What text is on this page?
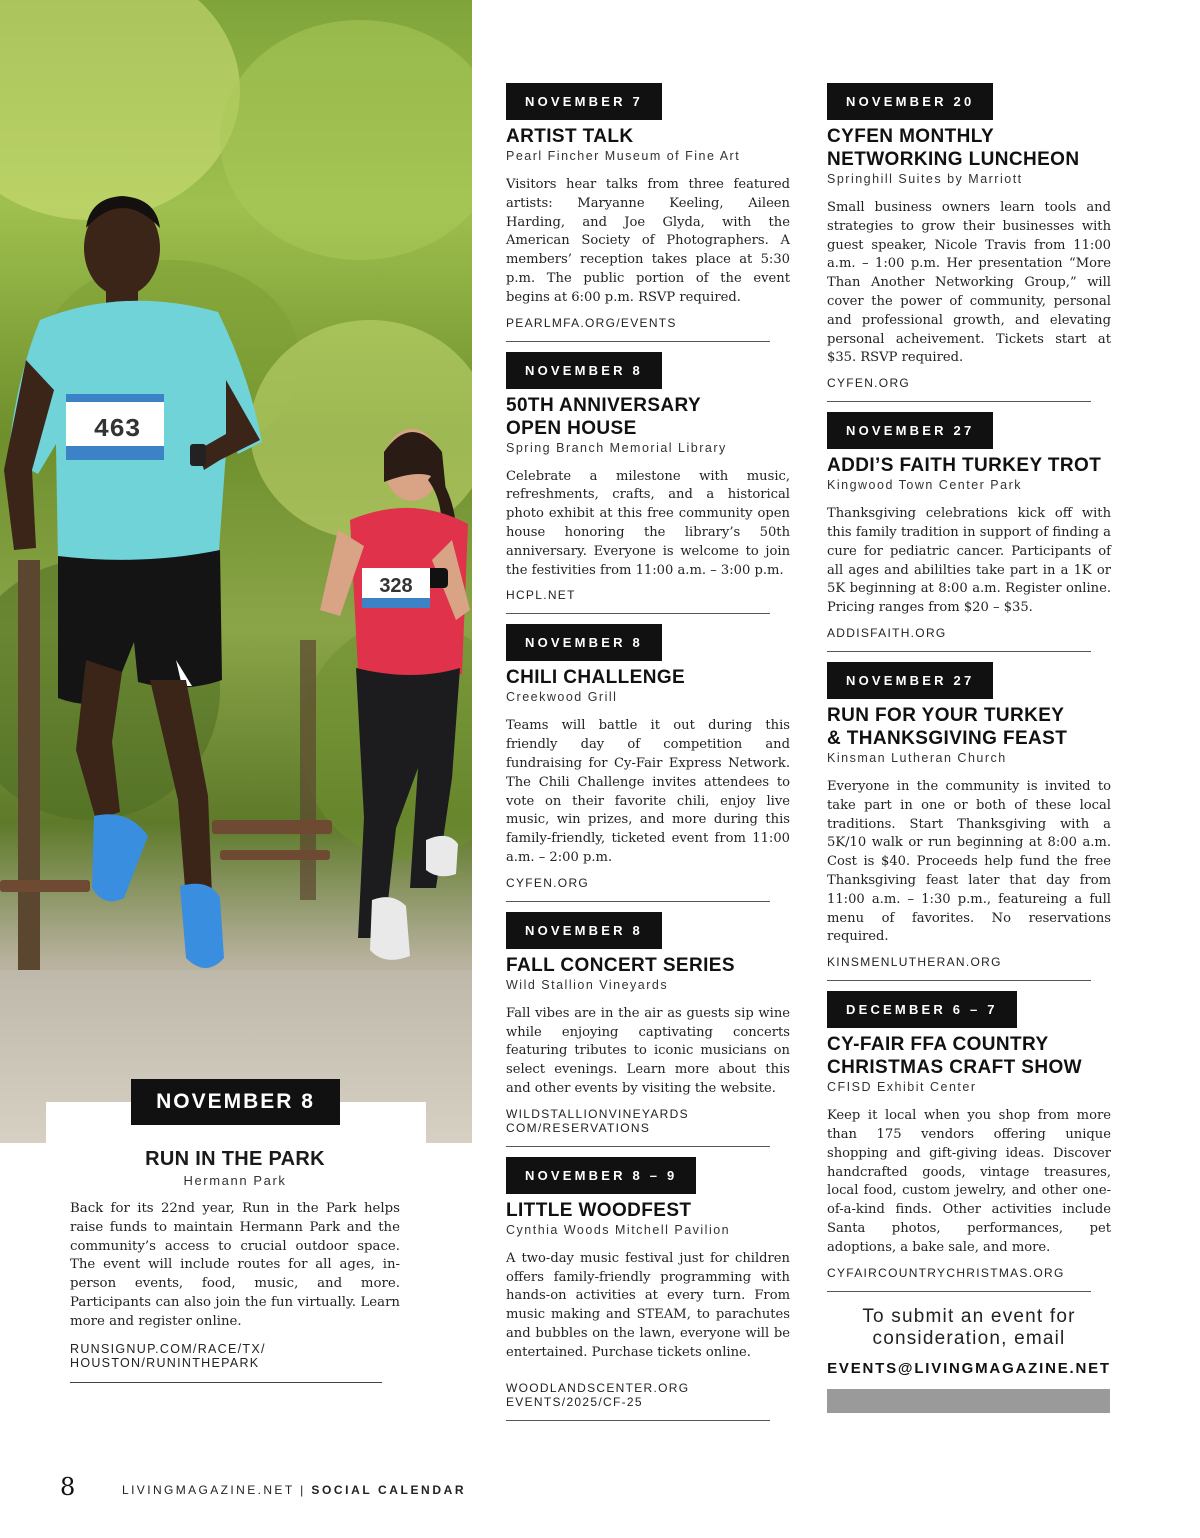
328
463
NOVEMBER 8
RUN IN THE PARK
Hermann Park
Back for its 22nd year, Run in the Park helps raise funds to maintain Hermann Park and the community’s access to crucial outdoor space. The event will include routes for all ages, in-person events, food, music, and more. Participants can also join the fun virtually. Learn more and register online.
RUNSIGNUP.COM/RACE/TX/
HOUSTON/RUNINTHEPARK
NOVEMBER 7
ARTIST TALK
Pearl Fincher Museum of Fine Art
Visitors hear talks from three featured artists: Maryanne Keeling, Aileen Harding, and Joe Glyda, with the American Society of Photographers. A members’ reception takes place at 5:30 p.m. The public portion of the event begins at 6:00 p.m. RSVP required.
PEARLMFA.ORG/EVENTS
NOVEMBER 8
50TH ANNIVERSARY
OPEN HOUSE
Spring Branch Memorial Library
Celebrate a milestone with music, refreshments, crafts, and a historical photo exhibit at this free community open house honoring the library’s 50th anniversary. Everyone is welcome to join the festivities from 11:00 a.m. – 3:00 p.m.
HCPL.NET
NOVEMBER 8
CHILI CHALLENGE
Creekwood Grill
Teams will battle it out during this friendly day of competition and fundraising for Cy-Fair Express Network. The Chili Challenge invites attendees to vote on their favorite chili, enjoy live music, win prizes, and more during this family-friendly, ticketed event from 11:00 a.m. – 2:00 p.m.
CYFEN.ORG
NOVEMBER 8
FALL CONCERT SERIES
Wild Stallion Vineyards
Fall vibes are in the air as guests sip wine while enjoying captivating concerts featuring tributes to iconic musicians on select evenings. Learn more about this and other events by visiting the website.
WILDSTALLIONVINEYARDS
COM/RESERVATIONS
NOVEMBER 8 – 9
LITTLE WOODFEST
Cynthia Woods Mitchell Pavilion
A two-day music festival just for children offers family-friendly programming with hands-on activities at every turn. From music making and STEAM, to parachutes and bubbles on the lawn, everyone will be entertained. Purchase tickets online.
WOODLANDSCENTER.ORG
EVENTS/2025/CF-25
NOVEMBER 20
CYFEN MONTHLY
NETWORKING LUNCHEON
Springhill Suites by Marriott
Small business owners learn tools and strategies to grow their businesses with guest speaker, Nicole Travis from 11:00 a.m. – 1:00 p.m. Her presentation “More Than Another Networking Group,” will cover the power of community, personal and professional growth, and elevating personal acheivement. Tickets start at $35. RSVP required.
CYFEN.ORG
NOVEMBER 27
ADDI’S FAITH TURKEY TROT
Kingwood Town Center Park
Thanksgiving celebrations kick off with this family tradition in support of finding a cure for pediatric cancer. Participants of all ages and abililties take part in a 1K or 5K beginning at 8:00 a.m. Register online. Pricing ranges from $20 – $35.
ADDISFAITH.ORG
NOVEMBER 27
RUN FOR YOUR TURKEY
& THANKSGIVING FEAST
Kinsman Lutheran Church
Everyone in the community is invited to take part in one or both of these local traditions. Start Thanksgiving with a 5K/10 walk or run beginning at 8:00 a.m. Cost is $40. Proceeds help fund the free Thanksgiving feast later that day from 11:00 a.m. – 1:30 p.m., featureing a full menu of favorites. No reservations required.
KINSMENLUTHERAN.ORG
DECEMBER 6 – 7
CY-FAIR FFA COUNTRY
CHRISTMAS CRAFT SHOW
CFISD Exhibit Center
Keep it local when you shop from more than 175 vendors offering unique shopping and gift-giving ideas. Discover handcrafted goods, vintage treasures, local food, custom jewelry, and other one-of-a-kind finds. Other activities include Santa photos, performances, pet adoptions, a bake sale, and more.
CYFAIRCOUNTRYCHRISTMAS.ORG
To submit an event for
consideration, email
EVENTS@LIVINGMAGAZINE.NET
8	LIVINGMAGAZINE.NET | SOCIAL CALENDAR
